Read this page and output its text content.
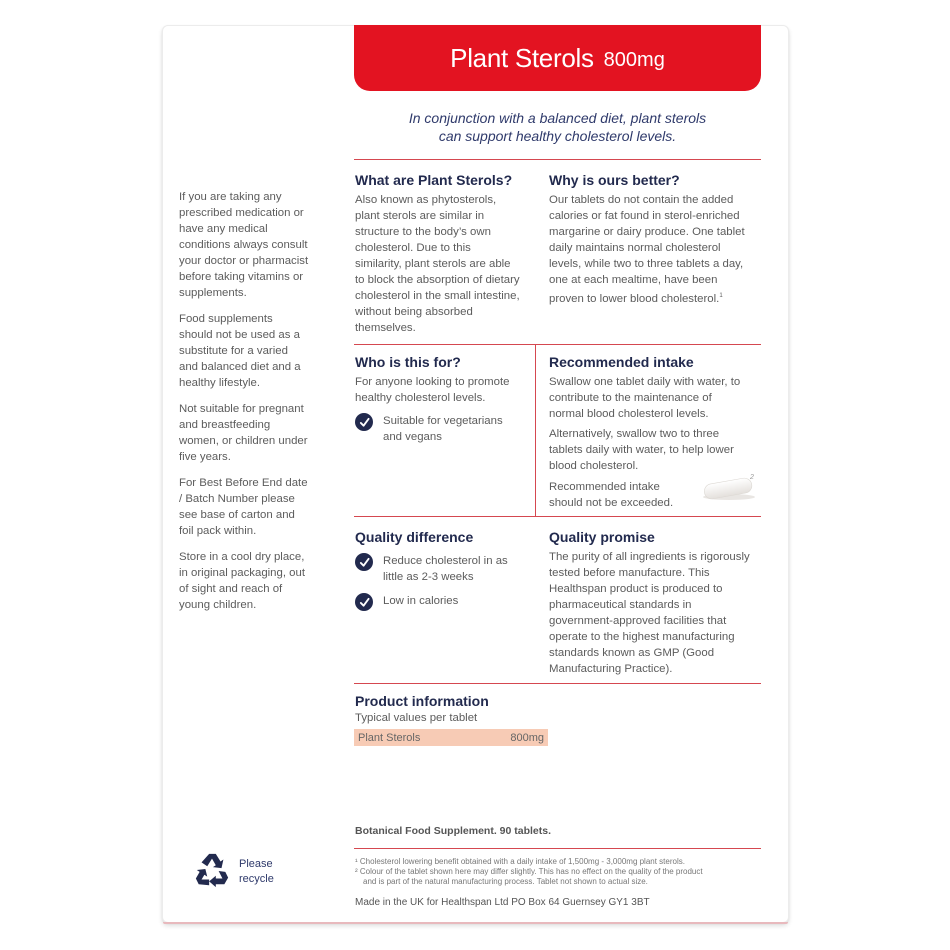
Plant Sterols 800mg
In conjunction with a balanced diet, plant sterols
can support healthy cholesterol levels.

If you are taking any prescribed medication or have any medical conditions always consult your doctor or pharmacist before taking vitamins or supplements.

Food supplements should not be used as a substitute for a varied and balanced diet and a healthy lifestyle.

Not suitable for pregnant and breastfeeding women, or children under five years.

For Best Before End date / Batch Number please see base of carton and foil pack within.

Store in a cool dry place, in original packaging, out of sight and reach of young children.

What are Plant Sterols?

Also known as phytosterols, plant sterols are similar in structure to the body’s own cholesterol. Due to this similarity, plant sterols are able to block the absorption of dietary cholesterol in the small intestine, without being absorbed themselves.

Why is ours better?

Our tablets do not contain the added calories or fat found in sterol-enriched margarine or dairy produce. One tablet daily maintains normal cholesterol levels, while two to three tablets a day, one at each mealtime, have been proven to lower blood cholesterol.$^1$

Who is this for?

For anyone looking to promote healthy cholesterol levels.

Suitable for vegetarians and vegans
Recommended intake

Swallow one tablet daily with water, to contribute to the maintenance of normal blood cholesterol levels.

Alternatively, swallow two to three tablets daily with water, to help lower blood cholesterol.

Recommended intake should not be exceeded.

2
Quality difference
Reduce cholesterol in as little as 2-3 weeks
Low in calories
Quality promise

The purity of all ingredients is rigorously tested before manufacture. This Healthspan product is produced to pharmaceutical standards in government-approved facilities that operate to the highest manufacturing standards known as GMP (Good Manufacturing Practice).

Product information

Typical values per tablet

Plant Sterols	800mg
Botanical Food Supplement. 90 tablets.
¹ Cholesterol lowering benefit obtained with a daily intake of 1,500mg - 3,000mg plant sterols.
² Colour of the tablet shown here may differ slightly. This has no effect on the quality of the product
and is part of the natural manufacturing process. Tablet not shown to actual size.
Made in the UK for Healthspan Ltd PO Box 64 Guernsey GY1 3BT
Please
recycle
